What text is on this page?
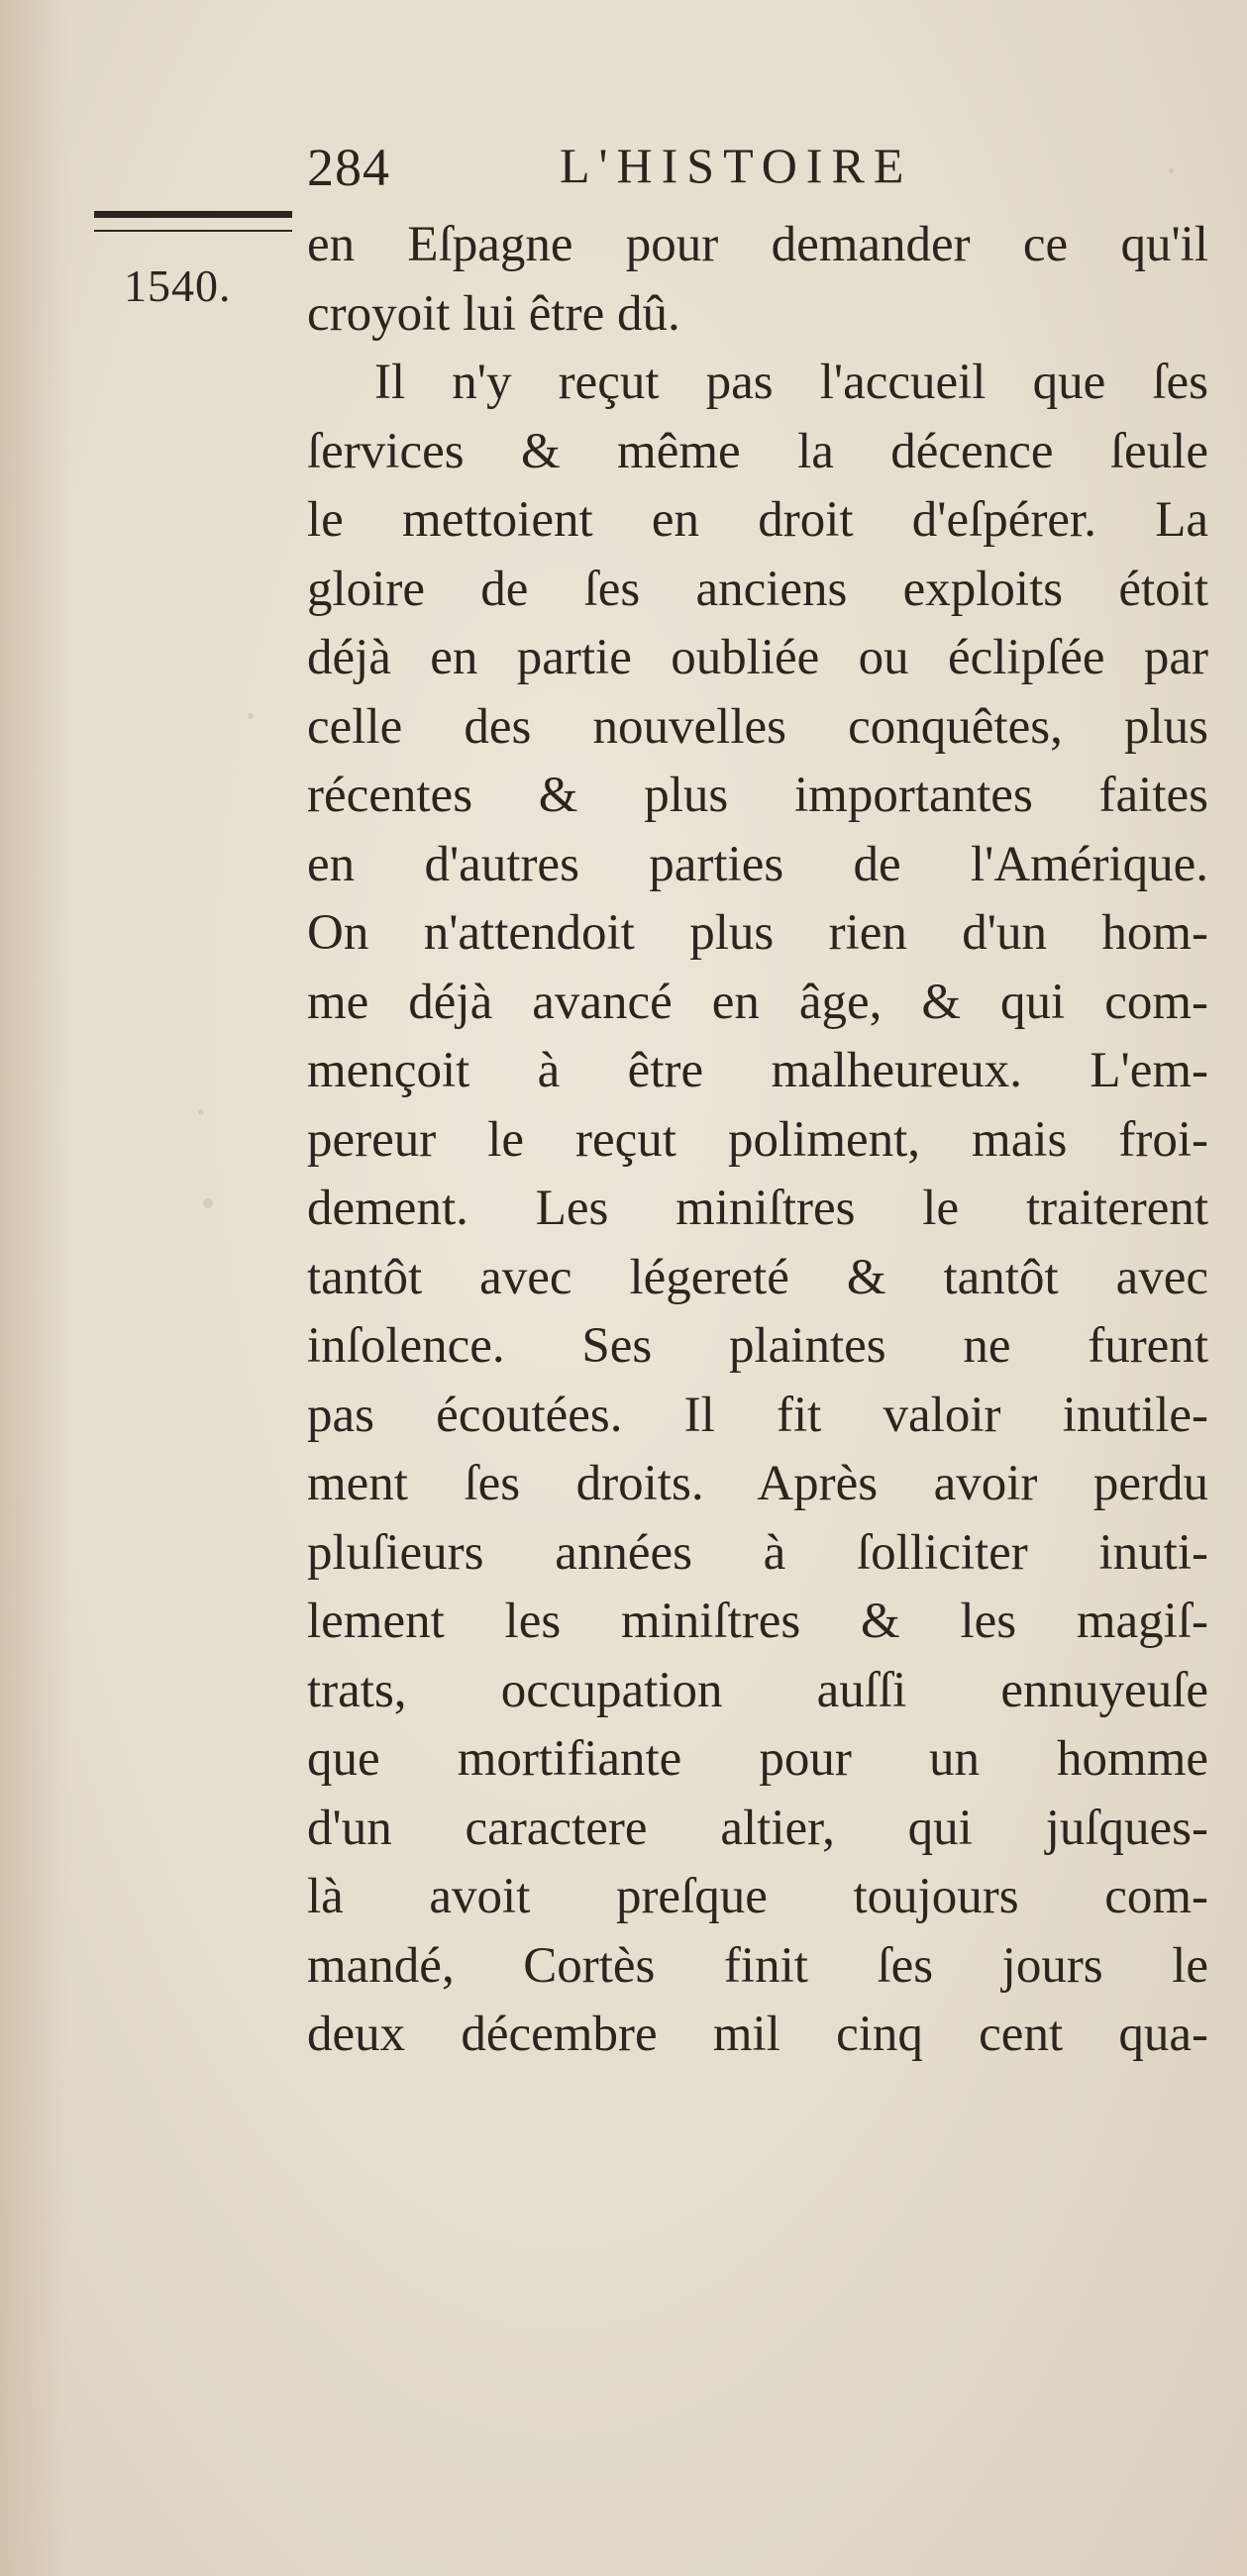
284	L'HISTOIRE
1540.
en Eſpagne pour demander ce qu'il
croyoit lui être dû.
Il n'y reçut pas l'accueil que ſes
ſervices & même la décence ſeule
le mettoient en droit d'eſpérer. La
gloire de ſes anciens exploits étoit
déjà en partie oubliée ou éclipſée par
celle des nouvelles conquêtes, plus
récentes & plus importantes faites
en d'autres parties de l'Amérique.
On n'attendoit plus rien d'un hom-
me déjà avancé en âge, & qui com-
mençoit à être malheureux. L'em-
pereur le reçut poliment, mais froi-
dement. Les miniſtres le traiterent
tantôt avec légereté & tantôt avec
inſolence. Ses plaintes ne furent
pas écoutées. Il fit valoir inutile-
ment ſes droits. Après avoir perdu
pluſieurs années à ſolliciter inuti-
lement les miniſtres & les magiſ-
trats, occupation auſſi ennuyeuſe
que mortifiante pour un homme
d'un caractere altier, qui juſques-
là avoit preſque toujours com-
mandé, Cortès finit ſes jours le
deux décembre mil cinq cent qua-
